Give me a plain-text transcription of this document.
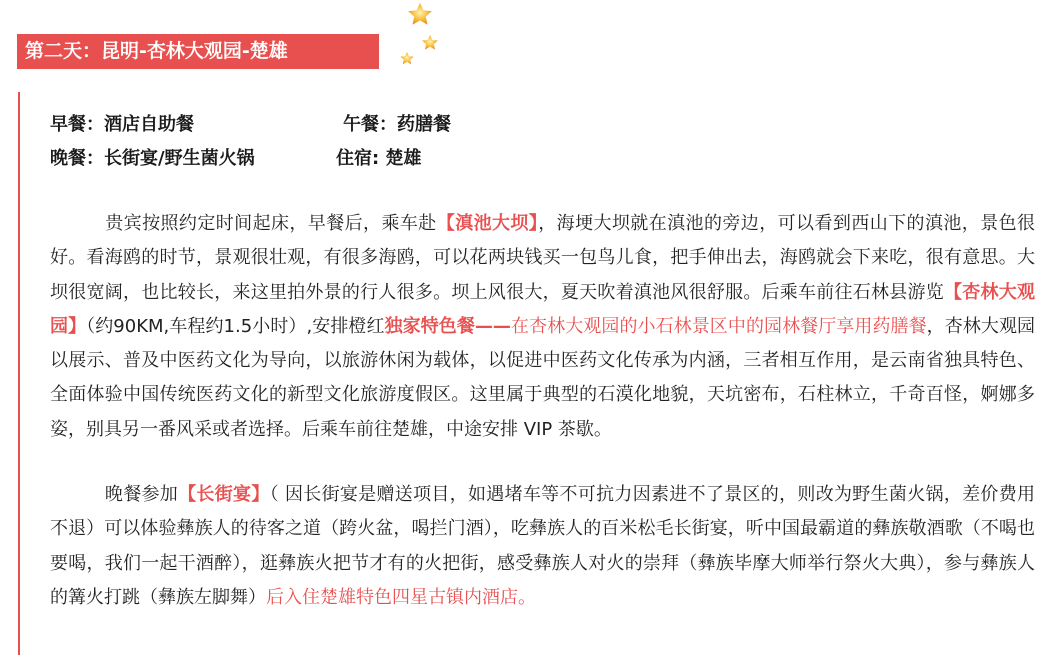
第二天：昆明-杏林大观园-楚雄
早餐：酒店自助餐	午餐：药膳餐
晚餐：长街宴/野生菌火锅	住宿: 楚雄

　　　贵宾按照约定时间起床，早餐后，乘车赴【滇池大坝】，海埂大坝就在滇池的旁边，可以看到西山下的滇池，景色很好。看海鸥的时节，景观很壮观，有很多海鸥，可以花两块钱买一包鸟儿食，把手伸出去，海鸥就会下来吃，很有意思。大坝很宽阔，也比较长，来这里拍外景的行人很多。坝上风很大，夏天吹着滇池风很舒服。后乘车前往石林县游览【杏林大观园】（约90KM,车程约1.5小时）,安排橙红独家特色餐——在杏林大观园的小石林景区中的园林餐厅享用药膳餐，杏林大观园以展示、普及中医药文化为导向，以旅游休闲为载体，以促进中医药文化传承为内涵，三者相互作用，是云南省独具特色、全面体验中国传统医药文化的新型文化旅游度假区。这里属于典型的石漠化地貌，天坑密布，石柱林立，千奇百怪，婀娜多姿，别具另一番风采或者选择。后乘车前往楚雄，中途安排 VIP 茶歇。

　　　晚餐参加【长街宴】（ 因长街宴是赠送项目，如遇堵车等不可抗力因素进不了景区的，则改为野生菌火锅，差价费用不退）可以体验彝族人的待客之道（跨火盆，喝拦门酒），吃彝族人的百米松毛长街宴，听中国最霸道的彝族敬酒歌（不喝也要喝，我们一起干酒醉），逛彝族火把节才有的火把街，感受彝族人对火的崇拜（彝族毕摩大师举行祭火大典），参与彝族人的篝火打跳（彝族左脚舞）后入住楚雄特色四星古镇内酒店。
